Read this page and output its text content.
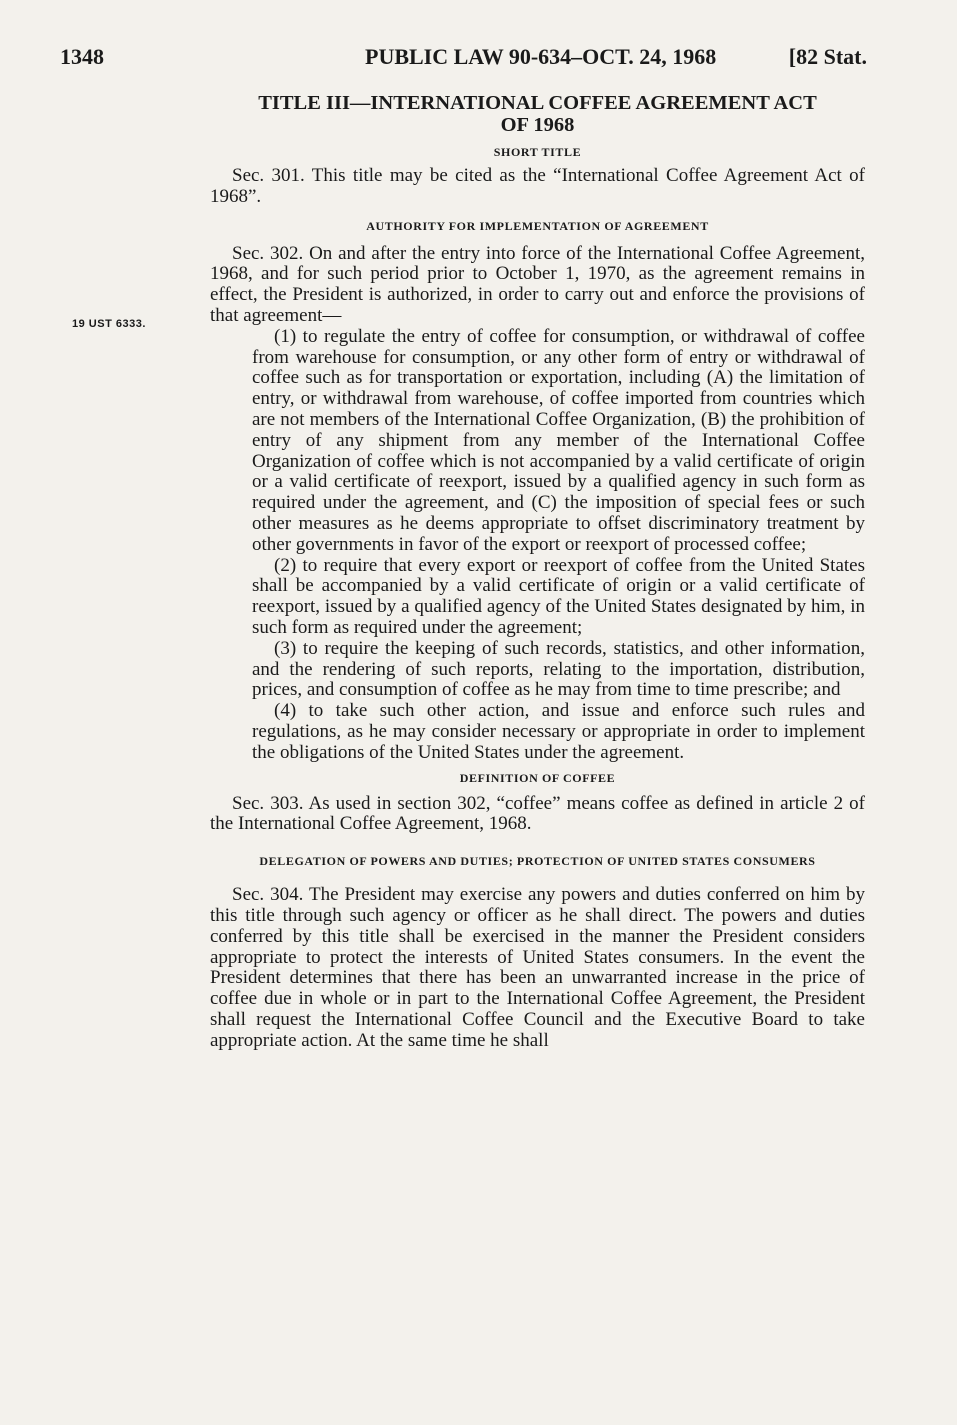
1348	PUBLIC LAW 90-634–OCT. 24, 1968	[82 Stat.
19 UST 6333.
TITLE III—INTERNATIONAL COFFEE AGREEMENT ACT
OF 1968
SHORT TITLE

Sec. 301. This title may be cited as the “International Coffee Agreement Act of 1968”.

AUTHORITY FOR IMPLEMENTATION OF AGREEMENT

Sec. 302. On and after the entry into force of the International Coffee Agreement, 1968, and for such period prior to October 1, 1970, as the agreement remains in effect, the President is authorized, in order to carry out and enforce the provisions of that agreement—

(1) to regulate the entry of coffee for consumption, or withdrawal of coffee from warehouse for consumption, or any other form of entry or withdrawal of coffee such as for transportation or exportation, including (A) the limitation of entry, or withdrawal from warehouse, of coffee imported from countries which are not members of the International Coffee Organization, (B) the prohibition of entry of any shipment from any member of the International Coffee Organization of coffee which is not accompanied by a valid certificate of origin or a valid certificate of reexport, issued by a qualified agency in such form as required under the agreement, and (C) the imposition of special fees or such other measures as he deems appropriate to offset discriminatory treatment by other governments in favor of the export or reexport of processed coffee;

(2) to require that every export or reexport of coffee from the United States shall be accompanied by a valid certificate of origin or a valid certificate of reexport, issued by a qualified agency of the United States designated by him, in such form as required under the agreement;

(3) to require the keeping of such records, statistics, and other information, and the rendering of such reports, relating to the importation, distribution, prices, and consumption of coffee as he may from time to time prescribe; and

(4) to take such other action, and issue and enforce such rules and regulations, as he may consider necessary or appropriate in order to implement the obligations of the United States under the agreement.

DEFINITION OF COFFEE

Sec. 303. As used in section 302, “coffee” means coffee as defined in article 2 of the International Coffee Agreement, 1968.

DELEGATION OF POWERS AND DUTIES; PROTECTION OF UNITED STATES CONSUMERS

Sec. 304. The President may exercise any powers and duties conferred on him by this title through such agency or officer as he shall direct. The powers and duties conferred by this title shall be exercised in the manner the President considers appropriate to protect the interests of United States consumers. In the event the President determines that there has been an unwarranted increase in the price of coffee due in whole or in part to the International Coffee Agreement, the President shall request the International Coffee Council and the Executive Board to take appropriate action. At the same time he shall
